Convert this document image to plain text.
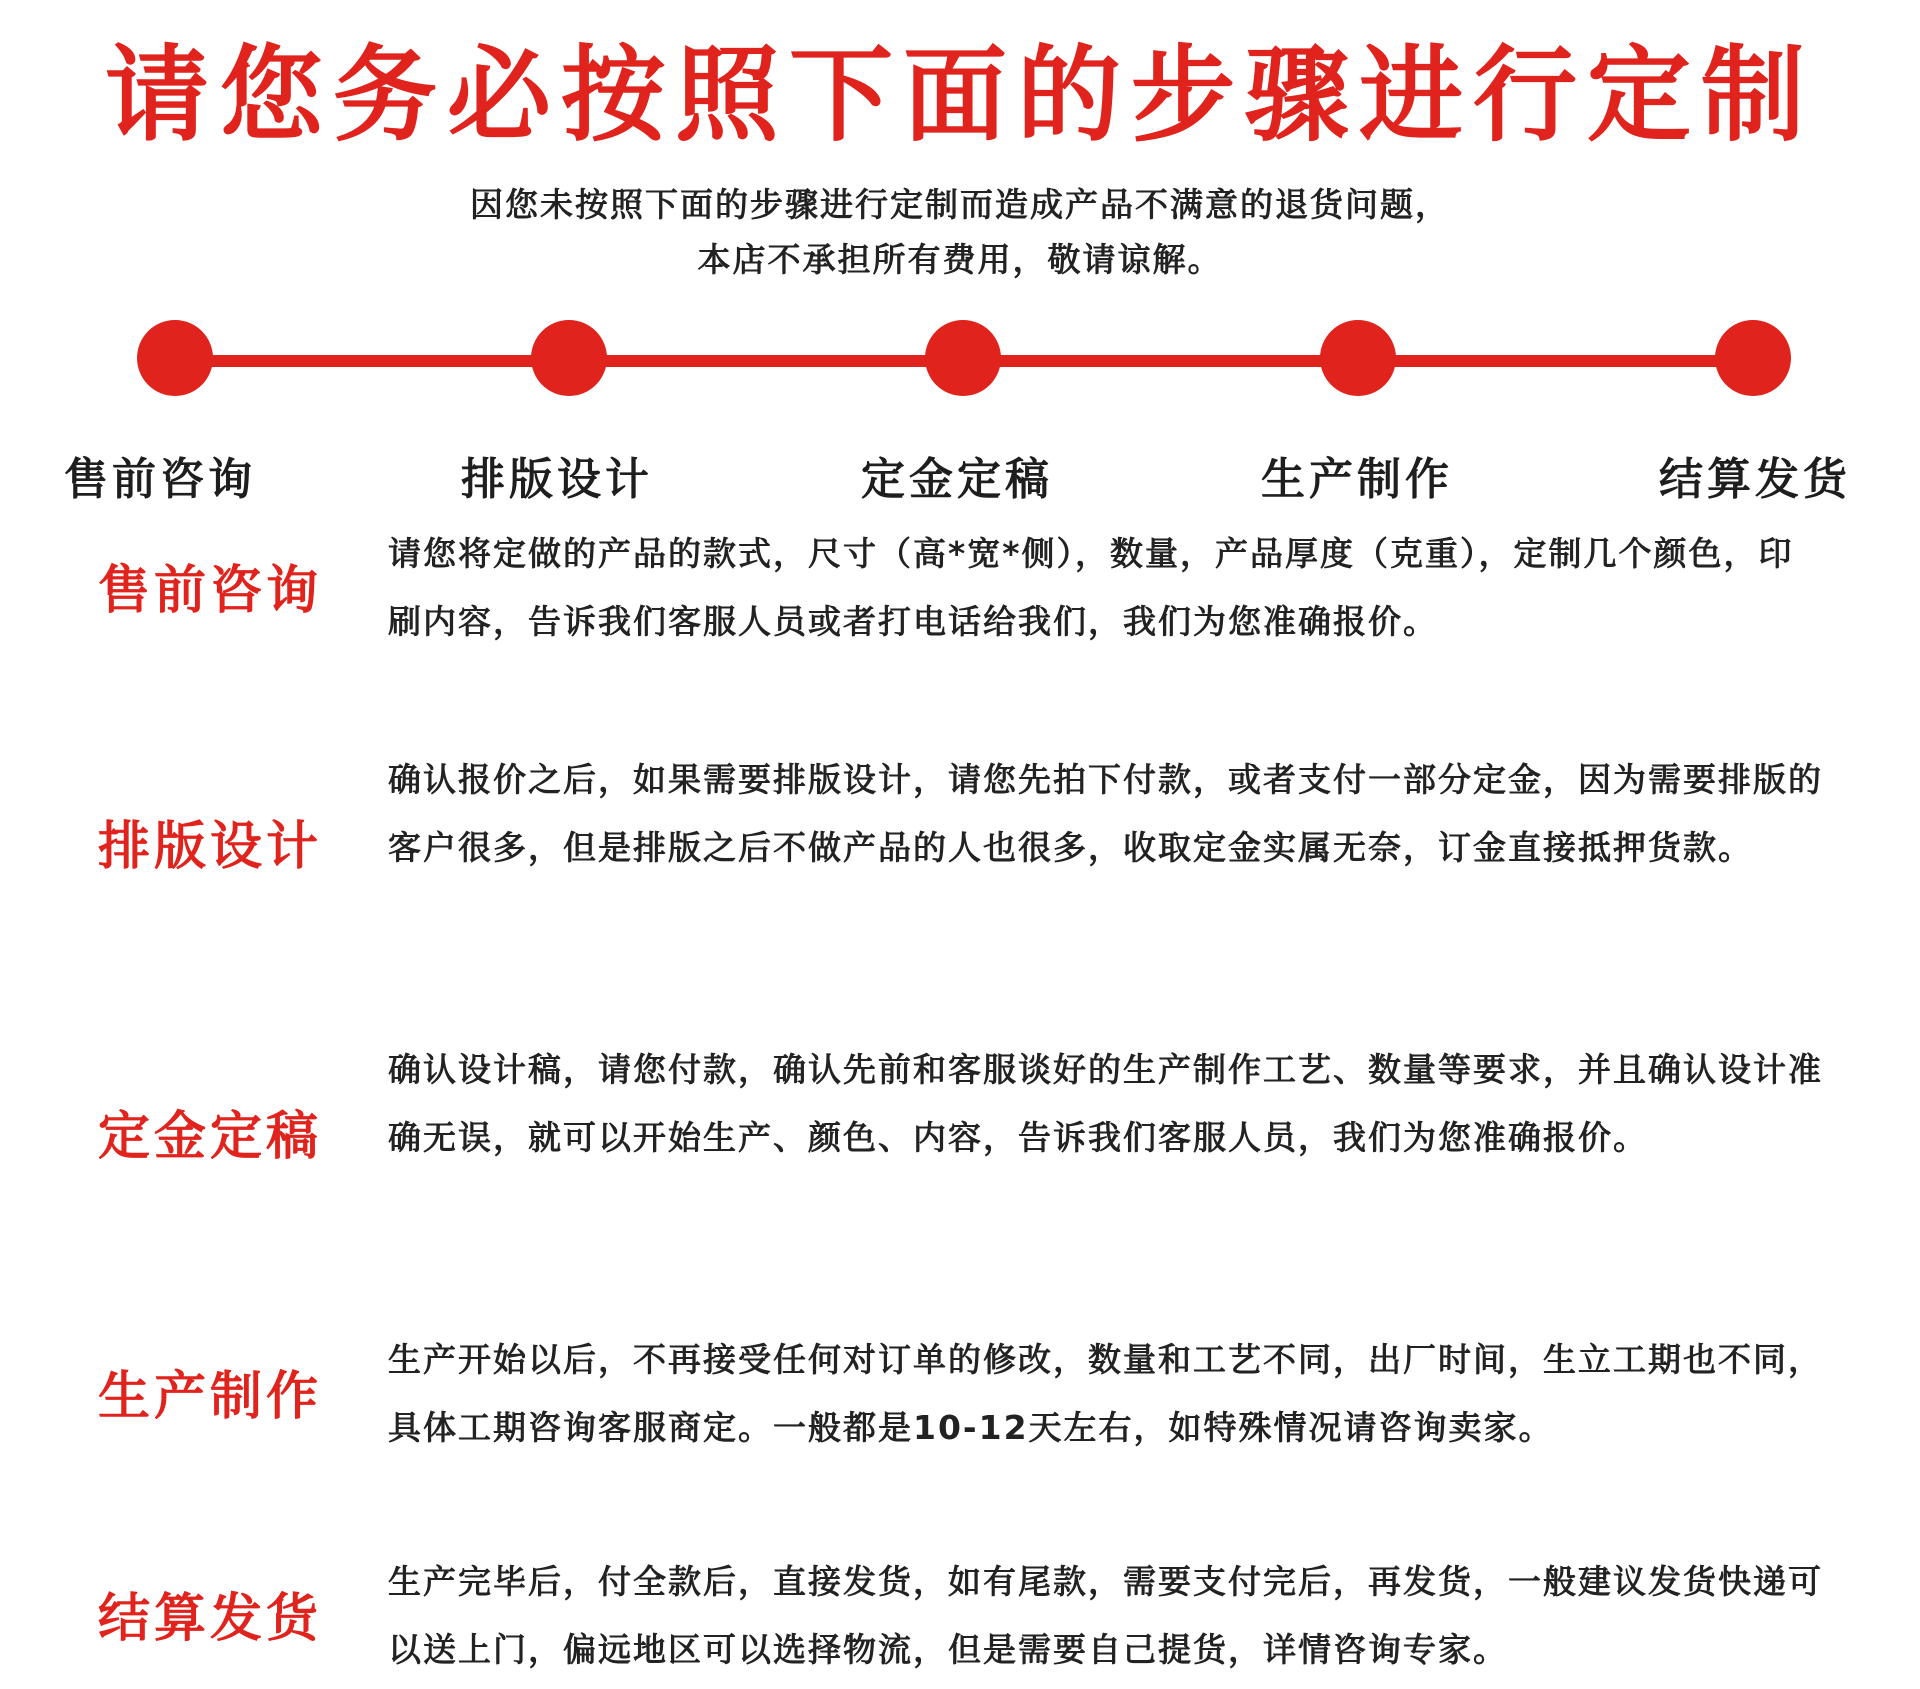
请您务必按照下面的步骤进行定制
因您未按照下面的步骤进行定制而造成产品不满意的退货问题，
本店不承担所有费用，敬请谅解。
售前咨询	排版设计	定金定稿	生产制作	结算发货
售前咨询
请您将定做的产品的款式，尺寸（高*宽*侧），数量，产品厚度（克重），定制几个颜色，印刷内容，告诉我们客服人员或者打电话给我们，我们为您准确报价。
排版设计
确认报价之后，如果需要排版设计，请您先拍下付款，或者支付一部分定金，因为需要排版的客户很多，但是排版之后不做产品的人也很多，收取定金实属无奈，订金直接抵押货款。
定金定稿
确认设计稿，请您付款，确认先前和客服谈好的生产制作工艺、数量等要求，并且确认设计准确无误，就可以开始生产、颜色、内容，告诉我们客服人员，我们为您准确报价。
生产制作
生产开始以后，不再接受任何对订单的修改，数量和工艺不同，出厂时间，生立工期也不同，具体工期咨询客服商定。一般都是10-12天左右，如特殊情况请咨询卖家。
结算发货
生产完毕后，付全款后，直接发货，如有尾款，需要支付完后，再发货，一般建议发货快递可以送上门，偏远地区可以选择物流，但是需要自己提货，详情咨询专家。
